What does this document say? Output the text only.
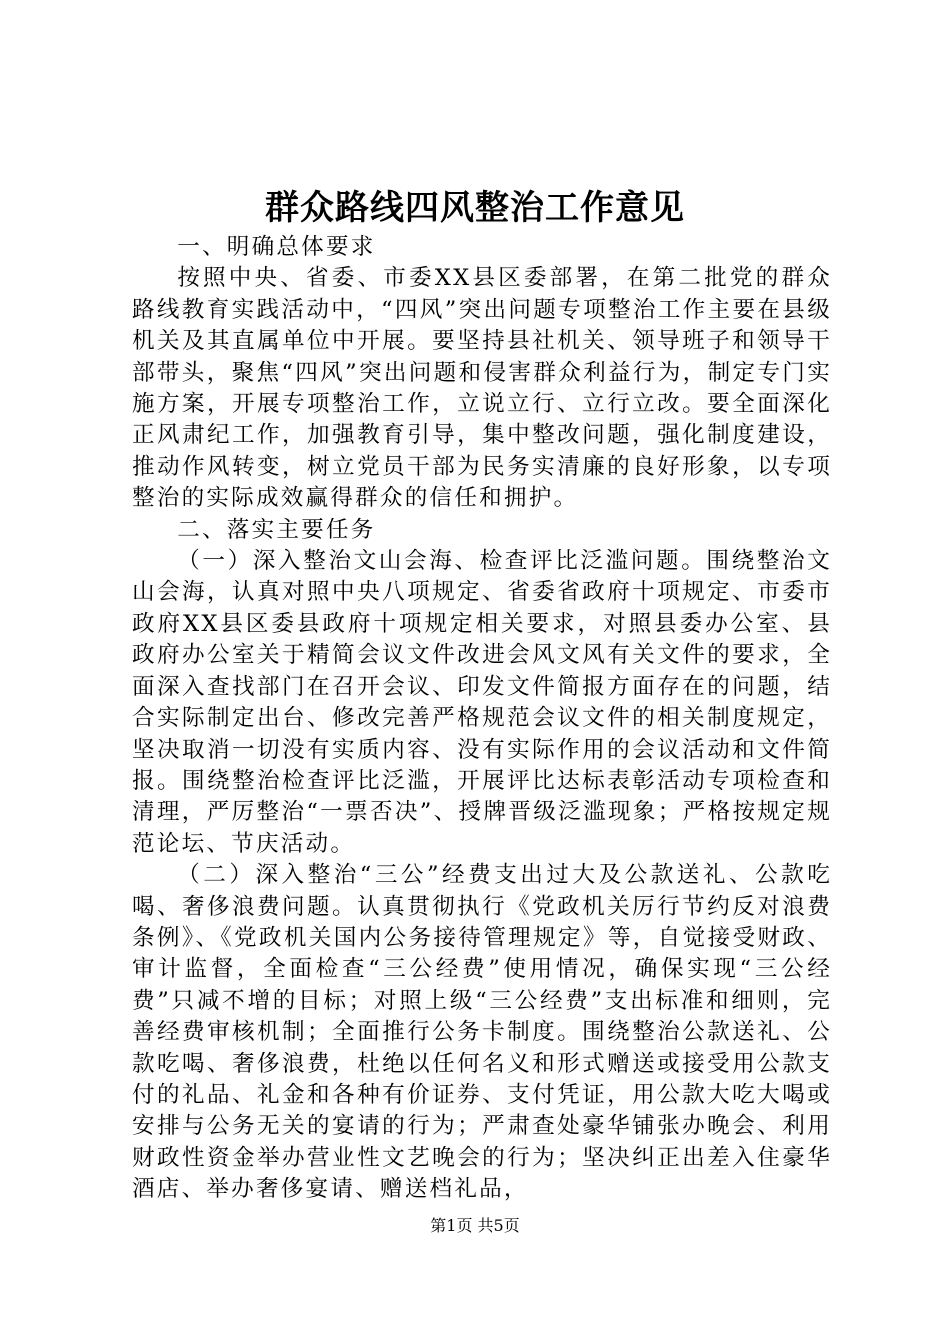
群众路线四风整治工作意见

一、明确总体要求

按照中央、省委、市委XX县区委部署，在第二批党的群众路线教育实践活动中，“四风”突出问题专项整治工作主要在县级机关及其直属单位中开展。要坚持县社机关、领导班子和领导干部带头，聚焦“四风”突出问题和侵害群众利益行为，制定专门实施方案，开展专项整治工作，立说立行、立行立改。要全面深化正风肃纪工作，加强教育引导，集中整改问题，强化制度建设，推动作风转变，树立党员干部为民务实清廉的良好形象，以专项整治的实际成效赢得群众的信任和拥护。

二、落实主要任务

（一）深入整治文山会海、检查评比泛滥问题。围绕整治文山会海，认真对照中央八项规定、省委省政府十项规定、市委市政府XX县区委县政府十项规定相关要求，对照县委办公室、县政府办公室关于精简会议文件改进会风文风有关文件的要求，全面深入查找部门在召开会议、印发文件简报方面存在的问题，结合实际制定出台、修改完善严格规范会议文件的相关制度规定，坚决取消一切没有实质内容、没有实际作用的会议活动和文件简报。围绕整治检查评比泛滥，开展评比达标表彰活动专项检查和清理，严厉整治“一票否决”、授牌晋级泛滥现象；严格按规定规范论坛、节庆活动。

（二）深入整治“三公”经费支出过大及公款送礼、公款吃喝、奢侈浪费问题。认真贯彻执行《党政机关厉行节约反对浪费条例》、《党政机关国内公务接待管理规定》等，自觉接受财政、审计监督，全面检查“三公经费”使用情况，确保实现“三公经费”只减不增的目标；对照上级“三公经费”支出标准和细则，完善经费审核机制；全面推行公务卡制度。围绕整治公款送礼、公款吃喝、奢侈浪费，杜绝以任何名义和形式赠送或接受用公款支付的礼品、礼金和各种有价证券、支付凭证，用公款大吃大喝或安排与公务无关的宴请的行为；严肃查处豪华铺张办晚会、利用财政性资金举办营业性文艺晚会的行为；坚决纠正出差入住豪华酒店、举办奢侈宴请、赠送档礼品，

第1页 共5页
